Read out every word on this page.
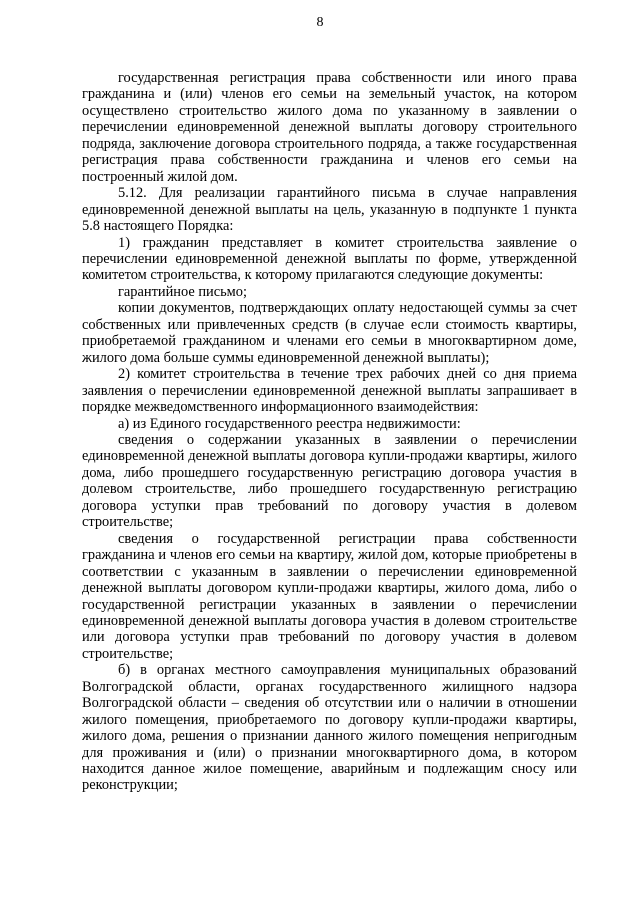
8

государственная регистрация права собственности или иного права гражданина и (или) членов его семьи на земельный участок, на котором осуществлено строительство жилого дома по указанному в заявлении о перечислении единовременной денежной выплаты договору строительного подряда, заключение договора строительного подряда, а также государственная регистрация права собственности гражданина и членов его семьи на построенный жилой дом.

5.12. Для реализации гарантийного письма в случае направления единовременной денежной выплаты на цель, указанную в подпункте 1 пункта 5.8 настоящего Порядка:

1) гражданин представляет в комитет строительства заявление о перечислении единовременной денежной выплаты по форме, утвержденной комитетом строительства, к которому прилагаются следующие документы:

гарантийное письмо;

копии документов, подтверждающих оплату недостающей суммы за счет собственных или привлеченных средств (в случае если стоимость квартиры, приобретаемой гражданином и членами его семьи в многоквартирном доме, жилого дома больше суммы единовременной денежной выплаты);

2) комитет строительства в течение трех рабочих дней со дня приема заявления о перечислении единовременной денежной выплаты запрашивает в порядке межведомственного информационного взаимодействия:

а) из Единого государственного реестра недвижимости:

сведения о содержании указанных в заявлении о перечислении единовременной денежной выплаты договора купли-продажи квартиры, жилого дома, либо прошедшего государственную регистрацию договора участия в долевом строительстве, либо прошедшего государственную регистрацию договора уступки прав требований по договору участия в долевом строительстве;

сведения о государственной регистрации права собственности гражданина и членов его семьи на квартиру, жилой дом, которые приобретены в соответствии с указанным в заявлении о перечислении единовременной денежной выплаты договором купли-продажи квартиры, жилого дома, либо о государственной регистрации указанных в заявлении о перечислении единовременной денежной выплаты договора участия в долевом строительстве или договора уступки прав требований по договору участия в долевом строительстве;

б) в органах местного самоуправления муниципальных образований Волгоградской области, органах государственного жилищного надзора Волгоградской области – сведения об отсутствии или о наличии в отношении жилого помещения, приобретаемого по договору купли-продажи квартиры, жилого дома, решения о признании данного жилого помещения непригодным для проживания и (или) о признании многоквартирного дома, в котором находится данное жилое помещение, аварийным и подлежащим сносу или реконструкции;
